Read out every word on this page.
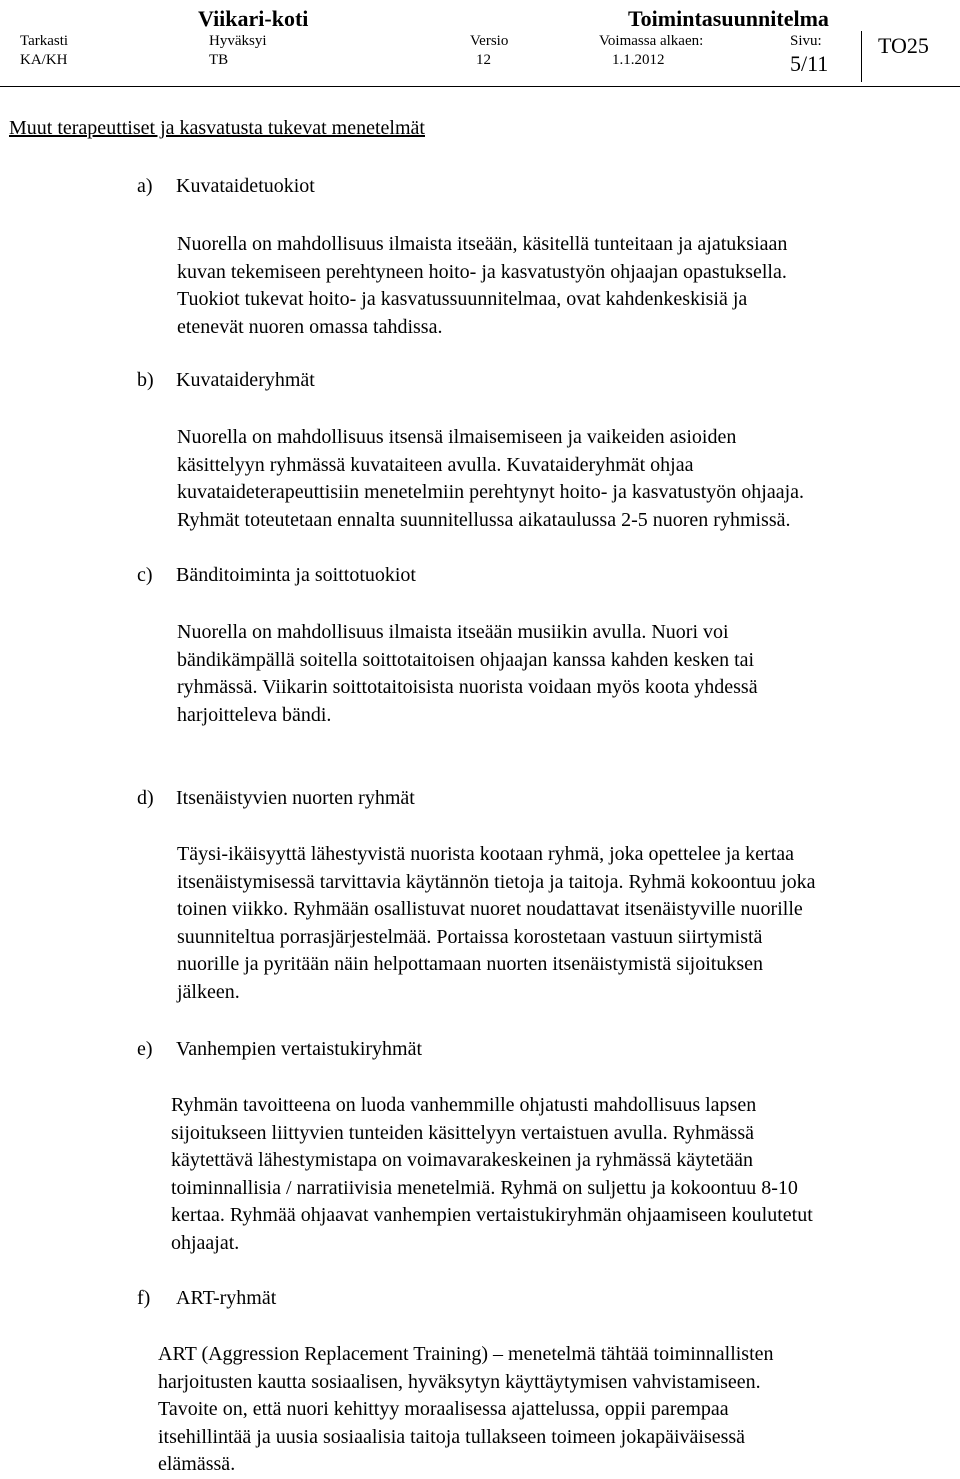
Viikari-koti	Toimintasuunnitelma
Tarkasti
KA/KH
Hyväksyi
TB
Versio
12
Voimassa alkaen:
1.1.2012
Sivu:
5/11
TO25
Muut terapeuttiset ja kasvatusta tukevat menetelmät
a) Kuvataidetuokiot
Nuorella on mahdollisuus ilmaista itseään, käsitellä tunteitaan ja ajatuksiaan
kuvan tekemiseen perehtyneen hoito- ja kasvatustyön ohjaajan opastuksella.
Tuokiot tukevat hoito- ja kasvatussuunnitelmaa, ovat kahdenkeskisiä ja
etenevät nuoren omassa tahdissa.
b) Kuvataideryhmät
Nuorella on mahdollisuus itsensä ilmaisemiseen ja vaikeiden asioiden
käsittelyyn ryhmässä kuvataiteen avulla. Kuvataideryhmät ohjaa
kuvataideterapeuttisiin menetelmiin perehtynyt hoito- ja kasvatustyön ohjaaja.
Ryhmät toteutetaan ennalta suunnitellussa aikataulussa 2-5 nuoren ryhmissä.
c) Bänditoiminta ja soittotuokiot
Nuorella on mahdollisuus ilmaista itseään musiikin avulla. Nuori voi
bändikämpällä soitella soittotaitoisen ohjaajan kanssa kahden kesken tai
ryhmässä. Viikarin soittotaitoisista nuorista voidaan myös koota yhdessä
harjoitteleva bändi.
d) Itsenäistyvien nuorten ryhmät
Täysi-ikäisyyttä lähestyvistä nuorista kootaan ryhmä, joka opettelee ja kertaa
itsenäistymisessä tarvittavia käytännön tietoja ja taitoja. Ryhmä kokoontuu joka
toinen viikko. Ryhmään osallistuvat nuoret noudattavat itsenäistyville nuorille
suunniteltua porrasjärjestelmää. Portaissa korostetaan vastuun siirtymistä
nuorille ja pyritään näin helpottamaan nuorten itsenäistymistä sijoituksen
jälkeen.
e) Vanhempien vertaistukiryhmät
Ryhmän tavoitteena on luoda vanhemmille ohjatusti mahdollisuus lapsen
sijoitukseen liittyvien tunteiden käsittelyyn vertaistuen avulla. Ryhmässä
käytettävä lähestymistapa on voimavarakeskeinen ja ryhmässä käytetään
toiminnallisia / narratiivisia menetelmiä. Ryhmä on suljettu ja kokoontuu 8-10
kertaa. Ryhmää ohjaavat vanhempien vertaistukiryhmän ohjaamiseen koulutetut
ohjaajat.
f) ART-ryhmät
ART (Aggression Replacement Training) – menetelmä tähtää toiminnallisten
harjoitusten kautta sosiaalisen, hyväksytyn käyttäytymisen vahvistamiseen.
Tavoite on, että nuori kehittyy moraalisessa ajattelussa, oppii parempaa
itsehillintää ja uusia sosiaalisia taitoja tullakseen toimeen jokapäiväisessä
elämässä.
